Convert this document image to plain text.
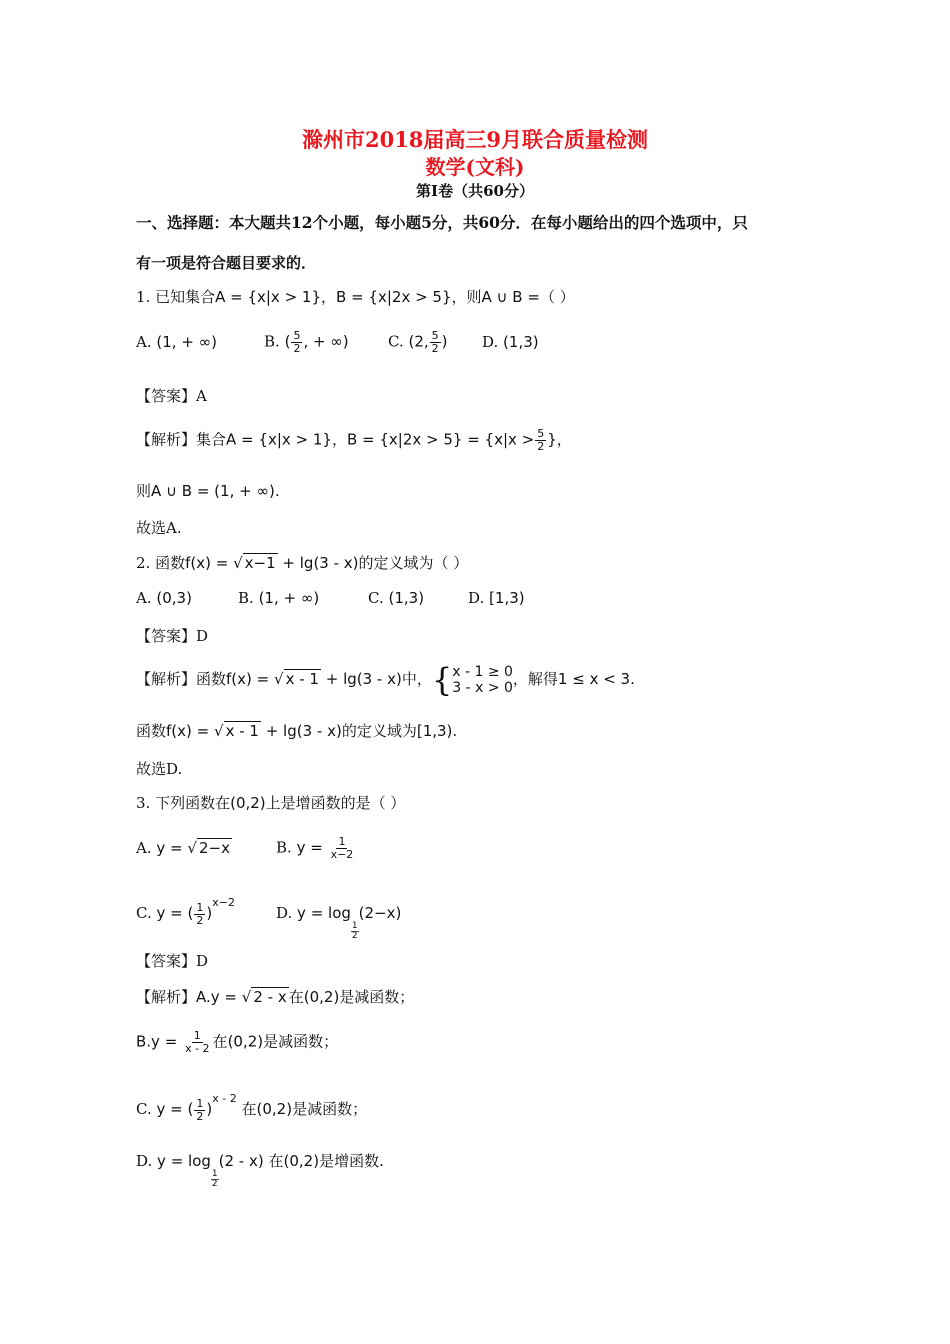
滁州市2018届高三9月联合质量检测
数学(文科)
第I卷（共60分）
一、选择题：本大题共12个小题，每小题5分，共60分．在每小题给出的四个选项中，只
有一项是符合题目要求的．
1. 已知集合A = {x|x > 1}，B = {x|2x > 5}，则A ∪ B =（ ）
A. (1, + ∞)	B. ( $\frac{5}{2}$ , + ∞)	C. (2, $\frac{5}{2}$ ) D. (1,3)
【答案】A
【解析】集合A = {x|x > 1}，$B = \{x|2x > 5\} = \{x|x > \frac{5}{2}$ }，
则A ∪ B = (1, + ∞).
故选A.
2. 函数f(x) = √ x−1 + lg(3 - x)的定义域为（ ）
A. (0,3)	B. (1, + ∞)	C. (1,3)	D. [1,3)
【答案】D
【解析】函数f(x) = √ x - 1 + lg(3 - x)中， { x - 1 ≥ 0
3 - x > 0 ，解得1 ≤ x < 3.
函数f(x) = √ x - 1 + lg(3 - x)的定义域为[1,3).
故选D.
3. 下列函数在(0,2)上是增函数的是（ ）
A. y = √ 2−x	B. $y = \frac{1}{x-2}$
C. y = ( $\frac{1}{2} )^{x-2}D$. y = log
$\frac{1}{2}$
(2−x)
【答案】D
【解析】A.y = √ 2 - x 在(0,2)是减函数；
$B.y = \frac{1}{x - 2}$ 在(0,2)是减函数；
C. y = ( $\frac{1}{2} )^{x - 2}$ 在(0,2)是减函数；
D. y = log
$\frac{1}{2}$
(2 - x) 在(0,2)是增函数.
